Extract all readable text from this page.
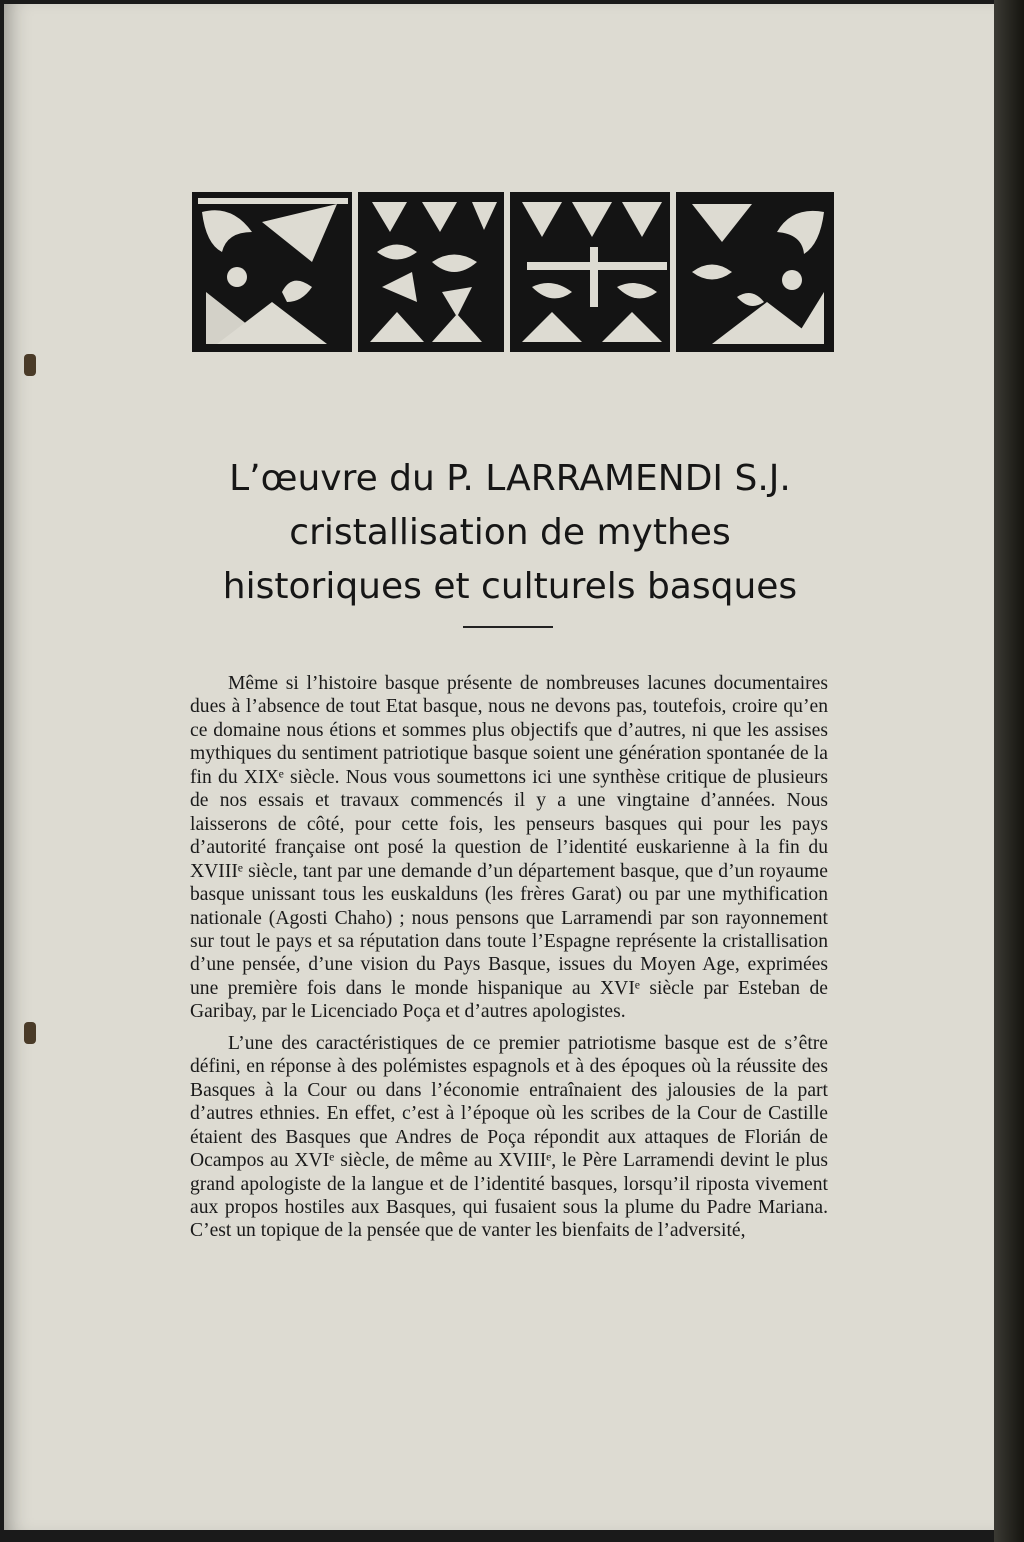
L’œuvre du P. LARRAMENDI S.J.
cristallisation de mythes
historiques et culturels basques

Même si l’histoire basque présente de nombreuses lacunes documentaires dues à l’absence de tout Etat basque, nous ne devons pas, toutefois, croire qu’en ce domaine nous étions et sommes plus objectifs que d’autres, ni que les assises mythiques du sentiment patriotique basque soient une génération spontanée de la fin du XIXᵉ siècle. Nous vous soumettons ici une synthèse critique de plusieurs de nos essais et travaux commencés il y a une vingtaine d’années. Nous laisserons de côté, pour cette fois, les penseurs basques qui pour les pays d’autorité française ont posé la question de l’identité euskarienne à la fin du XVIIIᵉ siècle, tant par une demande d’un département basque, que d’un royaume basque unissant tous les euskalduns (les frères Garat) ou par une mythification nationale (Agosti Chaho) ; nous pensons que Larramendi par son rayonnement sur tout le pays et sa réputation dans toute l’Espagne représente la cristallisation d’une pensée, d’une vision du Pays Basque, issues du Moyen Age, exprimées une première fois dans le monde hispanique au XVIᵉ siècle par Esteban de Garibay, par le Licenciado Poça et d’autres apologistes.

L’une des caractéristiques de ce premier patriotisme basque est de s’être défini, en réponse à des polémistes espagnols et à des époques où la réussite des Basques à la Cour ou dans l’économie entraînaient des jalousies de la part d’autres ethnies. En effet, c’est à l’époque où les scribes de la Cour de Castille étaient des Basques que Andres de Poça répondit aux attaques de Florián de Ocampos au XVIᵉ siècle, de même au XVIIIᵉ, le Père Larramendi devint le plus grand apologiste de la langue et de l’identité basques, lorsqu’il riposta vivement aux propos hostiles aux Basques, qui fusaient sous la plume du Padre Mariana. C’est un topique de la pensée que de vanter les bienfaits de l’adversité,
